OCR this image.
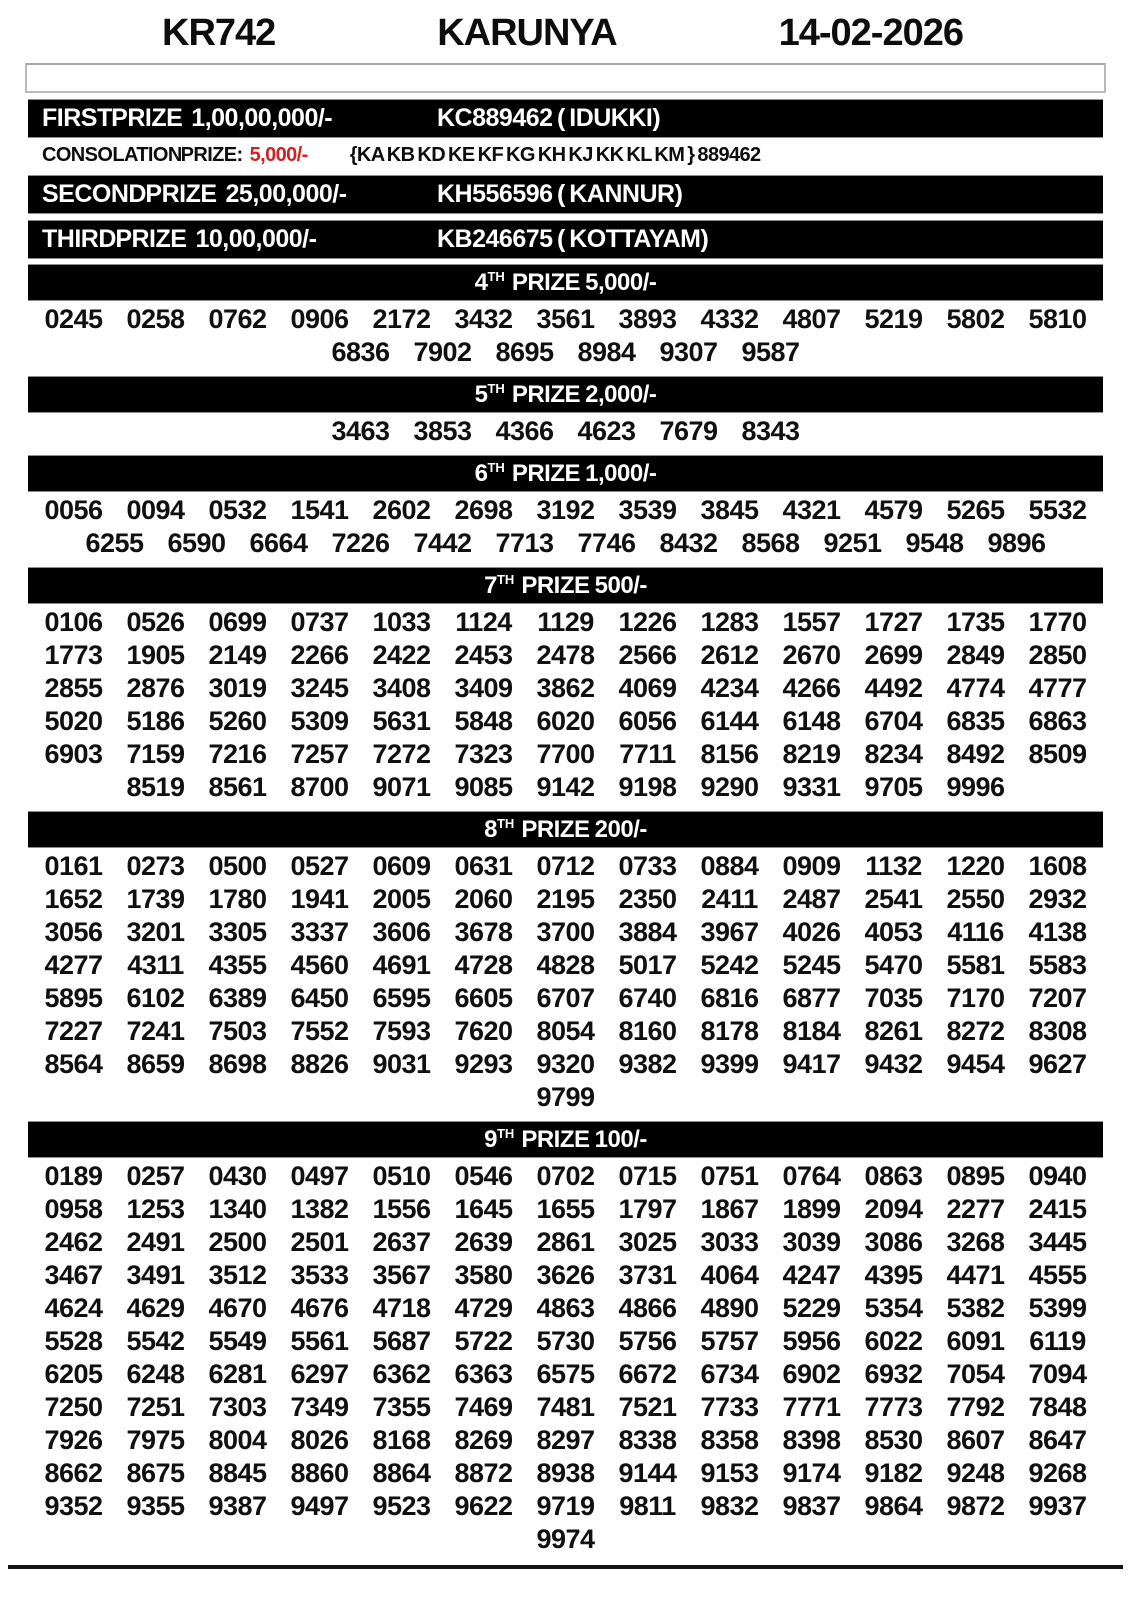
KR742	KARUNYA	14-02-2026
FIRST PRIZE 1,00,00,000/-	KC889462 ( IDUKKI)
CONSOLATION PRIZE: 5,000/- {KA KB KD KE KF KG KH KJ KK KL KM } 889462
SECOND PRIZE 25,00,000/-	KH556596 ( KANNUR)
THIRD PRIZE 10,00,000/-	KB246675 ( KOTTAYAM)
4TH PRIZE 5,000/-
0245 0258 0762 0906 2172 3432 3561 3893 4332 4807 5219 5802 5810
6836 7902 8695 8984 9307 9587
5TH PRIZE 2,000/-
3463 3853 4366 4623 7679 8343
6TH PRIZE 1,000/-
0056 0094 0532 1541 2602 2698 3192 3539 3845 4321 4579 5265 5532
6255 6590 6664 7226 7442 7713 7746 8432 8568 9251 9548 9896
7TH PRIZE 500/-
0106 0526 0699 0737 1033 1124 1129 1226 1283 1557 1727 1735 1770
1773 1905 2149 2266 2422 2453 2478 2566 2612 2670 2699 2849 2850
2855 2876 3019 3245 3408 3409 3862 4069 4234 4266 4492 4774 4777
5020 5186 5260 5309 5631 5848 6020 6056 6144 6148 6704 6835 6863
6903 7159 7216 7257 7272 7323 7700 7711 8156 8219 8234 8492 8509
8519 8561 8700 9071 9085 9142 9198 9290 9331 9705 9996
8TH PRIZE 200/-
0161 0273 0500 0527 0609 0631 0712 0733 0884 0909 1132 1220 1608
1652 1739 1780 1941 2005 2060 2195 2350 2411 2487 2541 2550 2932
3056 3201 3305 3337 3606 3678 3700 3884 3967 4026 4053 4116 4138
4277 4311 4355 4560 4691 4728 4828 5017 5242 5245 5470 5581 5583
5895 6102 6389 6450 6595 6605 6707 6740 6816 6877 7035 7170 7207
7227 7241 7503 7552 7593 7620 8054 8160 8178 8184 8261 8272 8308
8564 8659 8698 8826 9031 9293 9320 9382 9399 9417 9432 9454 9627
9799
9TH PRIZE 100/-
0189 0257 0430 0497 0510 0546 0702 0715 0751 0764 0863 0895 0940
0958 1253 1340 1382 1556 1645 1655 1797 1867 1899 2094 2277 2415
2462 2491 2500 2501 2637 2639 2861 3025 3033 3039 3086 3268 3445
3467 3491 3512 3533 3567 3580 3626 3731 4064 4247 4395 4471 4555
4624 4629 4670 4676 4718 4729 4863 4866 4890 5229 5354 5382 5399
5528 5542 5549 5561 5687 5722 5730 5756 5757 5956 6022 6091 6119
6205 6248 6281 6297 6362 6363 6575 6672 6734 6902 6932 7054 7094
7250 7251 7303 7349 7355 7469 7481 7521 7733 7771 7773 7792 7848
7926 7975 8004 8026 8168 8269 8297 8338 8358 8398 8530 8607 8647
8662 8675 8845 8860 8864 8872 8938 9144 9153 9174 9182 9248 9268
9352 9355 9387 9497 9523 9622 9719 9811 9832 9837 9864 9872 9937
9974
